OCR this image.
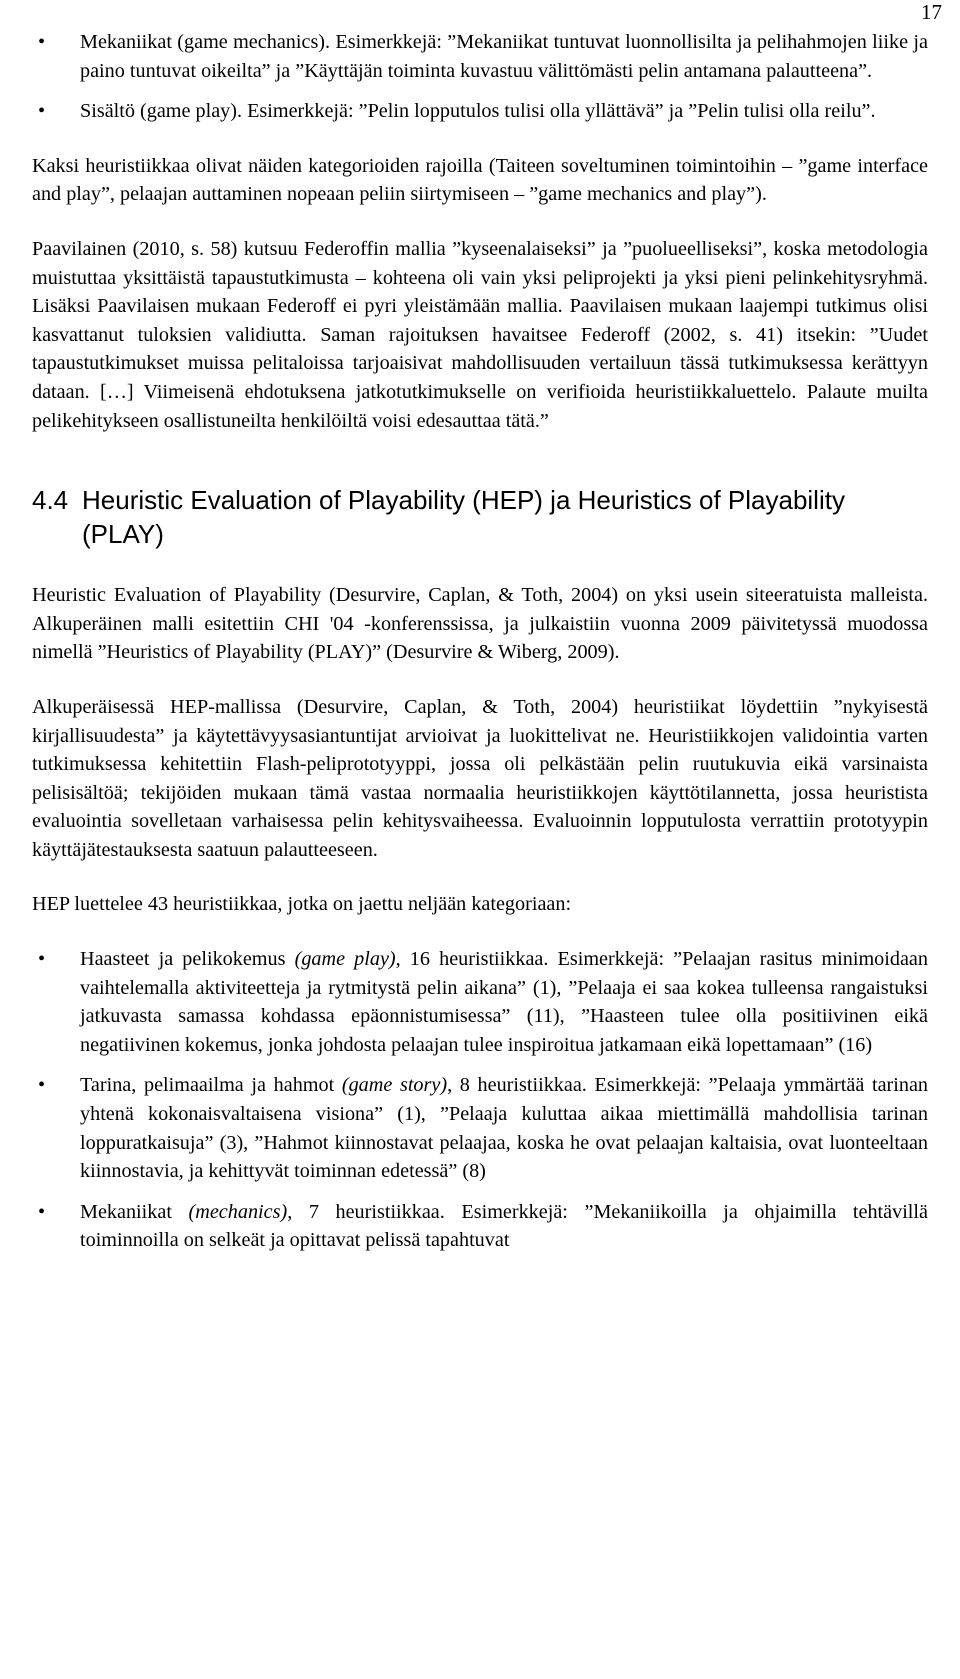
17
• Mekaniikat (game mechanics). Esimerkkejä: ”Mekaniikat tuntuvat luonnollisilta ja pelihahmojen liike ja paino tuntuvat oikeilta” ja ”Käyttäjän toiminta kuvastuu välittömästi pelin antamana palautteena”.
• Sisältö (game play). Esimerkkejä: ”Pelin lopputulos tulisi olla yllättävä” ja ”Pelin tulisi olla reilu”.

Kaksi heuristiikkaa olivat näiden kategorioiden rajoilla (Taiteen soveltuminen toimintoihin – ”game interface and play”, pelaajan auttaminen nopeaan peliin siirtymiseen – ”game mechanics and play”).

Paavilainen (2010, s. 58) kutsuu Federoffin mallia ”kyseenalaiseksi” ja ”puolueelliseksi”, koska metodologia muistuttaa yksittäistä tapaustutkimusta – kohteena oli vain yksi peliprojekti ja yksi pieni pelinkehitysryhmä. Lisäksi Paavilaisen mukaan Federoff ei pyri yleistämään mallia. Paavilaisen mukaan laajempi tutkimus olisi kasvattanut tuloksien validiutta. Saman rajoituksen havaitsee Federoff (2002, s. 41) itsekin: ”Uudet tapaustutkimukset muissa pelitaloissa tarjoaisivat mahdollisuuden vertailuun tässä tutkimuksessa kerättyyn dataan. […] Viimeisenä ehdotuksena jatkotutkimukselle on verifioida heuristiikkaluettelo. Palaute muilta pelikehitykseen osallistuneilta henkilöiltä voisi edesauttaa tätä.”

4.4 Heuristic Evaluation of Playability (HEP) ja Heuristics of Playability (PLAY)

Heuristic Evaluation of Playability (Desurvire, Caplan, & Toth, 2004) on yksi usein siteeratuista malleista. Alkuperäinen malli esitettiin CHI '04 -konferenssissa, ja julkaistiin vuonna 2009 päivitetyssä muodossa nimellä ”Heuristics of Playability (PLAY)” (Desurvire & Wiberg, 2009).

Alkuperäisessä HEP-mallissa (Desurvire, Caplan, & Toth, 2004) heuristiikat löydettiin ”nykyisestä kirjallisuudesta” ja käytettävyysasiantuntijat arvioivat ja luokittelivat ne. Heuristiikkojen validointia varten tutkimuksessa kehitettiin Flash-peliprototyyppi, jossa oli pelkästään pelin ruutukuvia eikä varsinaista pelisisältöä; tekijöiden mukaan tämä vastaa normaalia heuristiikkojen käyttötilannetta, jossa heuristista evaluointia sovelletaan varhaisessa pelin kehitysvaiheessa. Evaluoinnin lopputulosta verrattiin prototyypin käyttäjätestauksesta saatuun palautteeseen.

HEP luettelee 43 heuristiikkaa, jotka on jaettu neljään kategoriaan:

• Haasteet ja pelikokemus (game play), 16 heuristiikkaa. Esimerkkejä: ”Pelaajan rasitus minimoidaan vaihtelemalla aktiviteetteja ja rytmitystä pelin aikana” (1), ”Pelaaja ei saa kokea tulleensa rangaistuksi jatkuvasta samassa kohdassa epäonnistumisessa” (11), ”Haasteen tulee olla positiivinen eikä negatiivinen kokemus, jonka johdosta pelaajan tulee inspiroitua jatkamaan eikä lopettamaan” (16)
• Tarina, pelimaailma ja hahmot (game story), 8 heuristiikkaa. Esimerkkejä: ”Pelaaja ymmärtää tarinan yhtenä kokonaisvaltaisena visiona” (1), ”Pelaaja kuluttaa aikaa miettimällä mahdollisia tarinan loppuratkaisuja” (3), ”Hahmot kiinnostavat pelaajaa, koska he ovat pelaajan kaltaisia, ovat luonteeltaan kiinnostavia, ja kehittyvät toiminnan edetessä” (8)
• Mekaniikat (mechanics), 7 heuristiikkaa. Esimerkkejä: ”Mekaniikoilla ja ohjaimilla tehtävillä toiminnoilla on selkeät ja opittavat pelissä tapahtuvat
